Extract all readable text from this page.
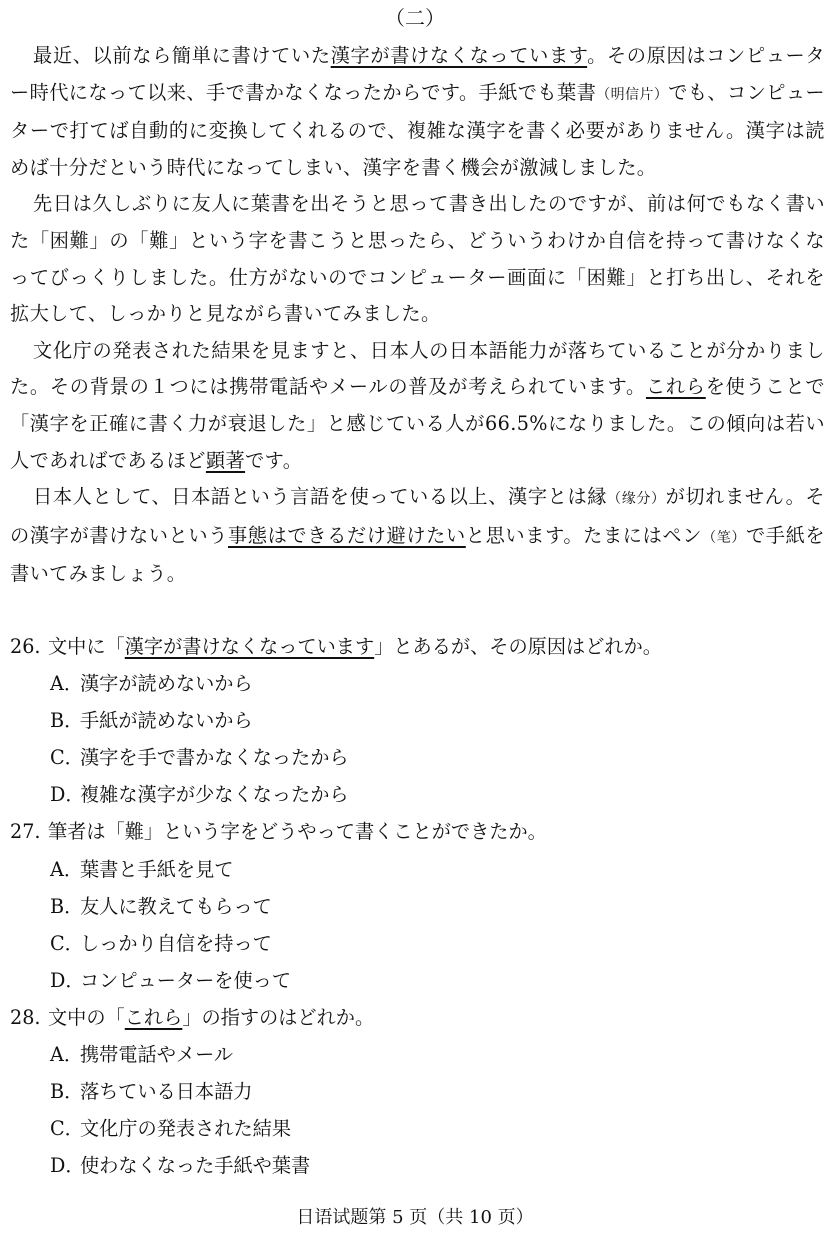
（二）

最近、以前なら簡単に書けていた漢字が書けなくなっています。その原因はコンピューター時代になって以来、手で書かなくなったからです。手紙でも葉書（明信片）でも、コンピューターで打てば自動的に変換してくれるので、複雑な漢字を書く必要がありません。漢字は読めば十分だという時代になってしまい、漢字を書く機会が激減しました。

先日は久しぶりに友人に葉書を出そうと思って書き出したのですが、前は何でもなく書いた「困難」の「難」という字を書こうと思ったら、どういうわけか自信を持って書けなくなってびっくりしました。仕方がないのでコンピューター画面に「困難」と打ち出し、それを拡大して、しっかりと見ながら書いてみました。

文化庁の発表された結果を見ますと、日本人の日本語能力が落ちていることが分かりました。その背景の１つには携帯電話やメールの普及が考えられています。これらを使うことで「漢字を正確に書く力が衰退した」と感じている人が66.5%になりました。この傾向は若い人であればであるほど顕著です。

日本人として、日本語という言語を使っている以上、漢字とは縁（缘分）が切れません。その漢字が書けないという事態はできるだけ避けたいと思います。たまにはペン（笔）で手紙を書いてみましょう。

26. 文中に「漢字が書けなくなっています」とあるが、その原因はどれか。

A．漢字が読めないから

B．手紙が読めないから

C．漢字を手で書かなくなったから

D．複雑な漢字が少なくなったから

27. 筆者は「難」という字をどうやって書くことができたか。

A．葉書と手紙を見て

B．友人に教えてもらって

C．しっかり自信を持って

D．コンピューターを使って

28. 文中の「これら」の指すのはどれか。

A．携帯電話やメール

B．落ちている日本語力

C．文化庁の発表された結果

D．使わなくなった手紙や葉書

日语试题第 5 页（共 10 页）
